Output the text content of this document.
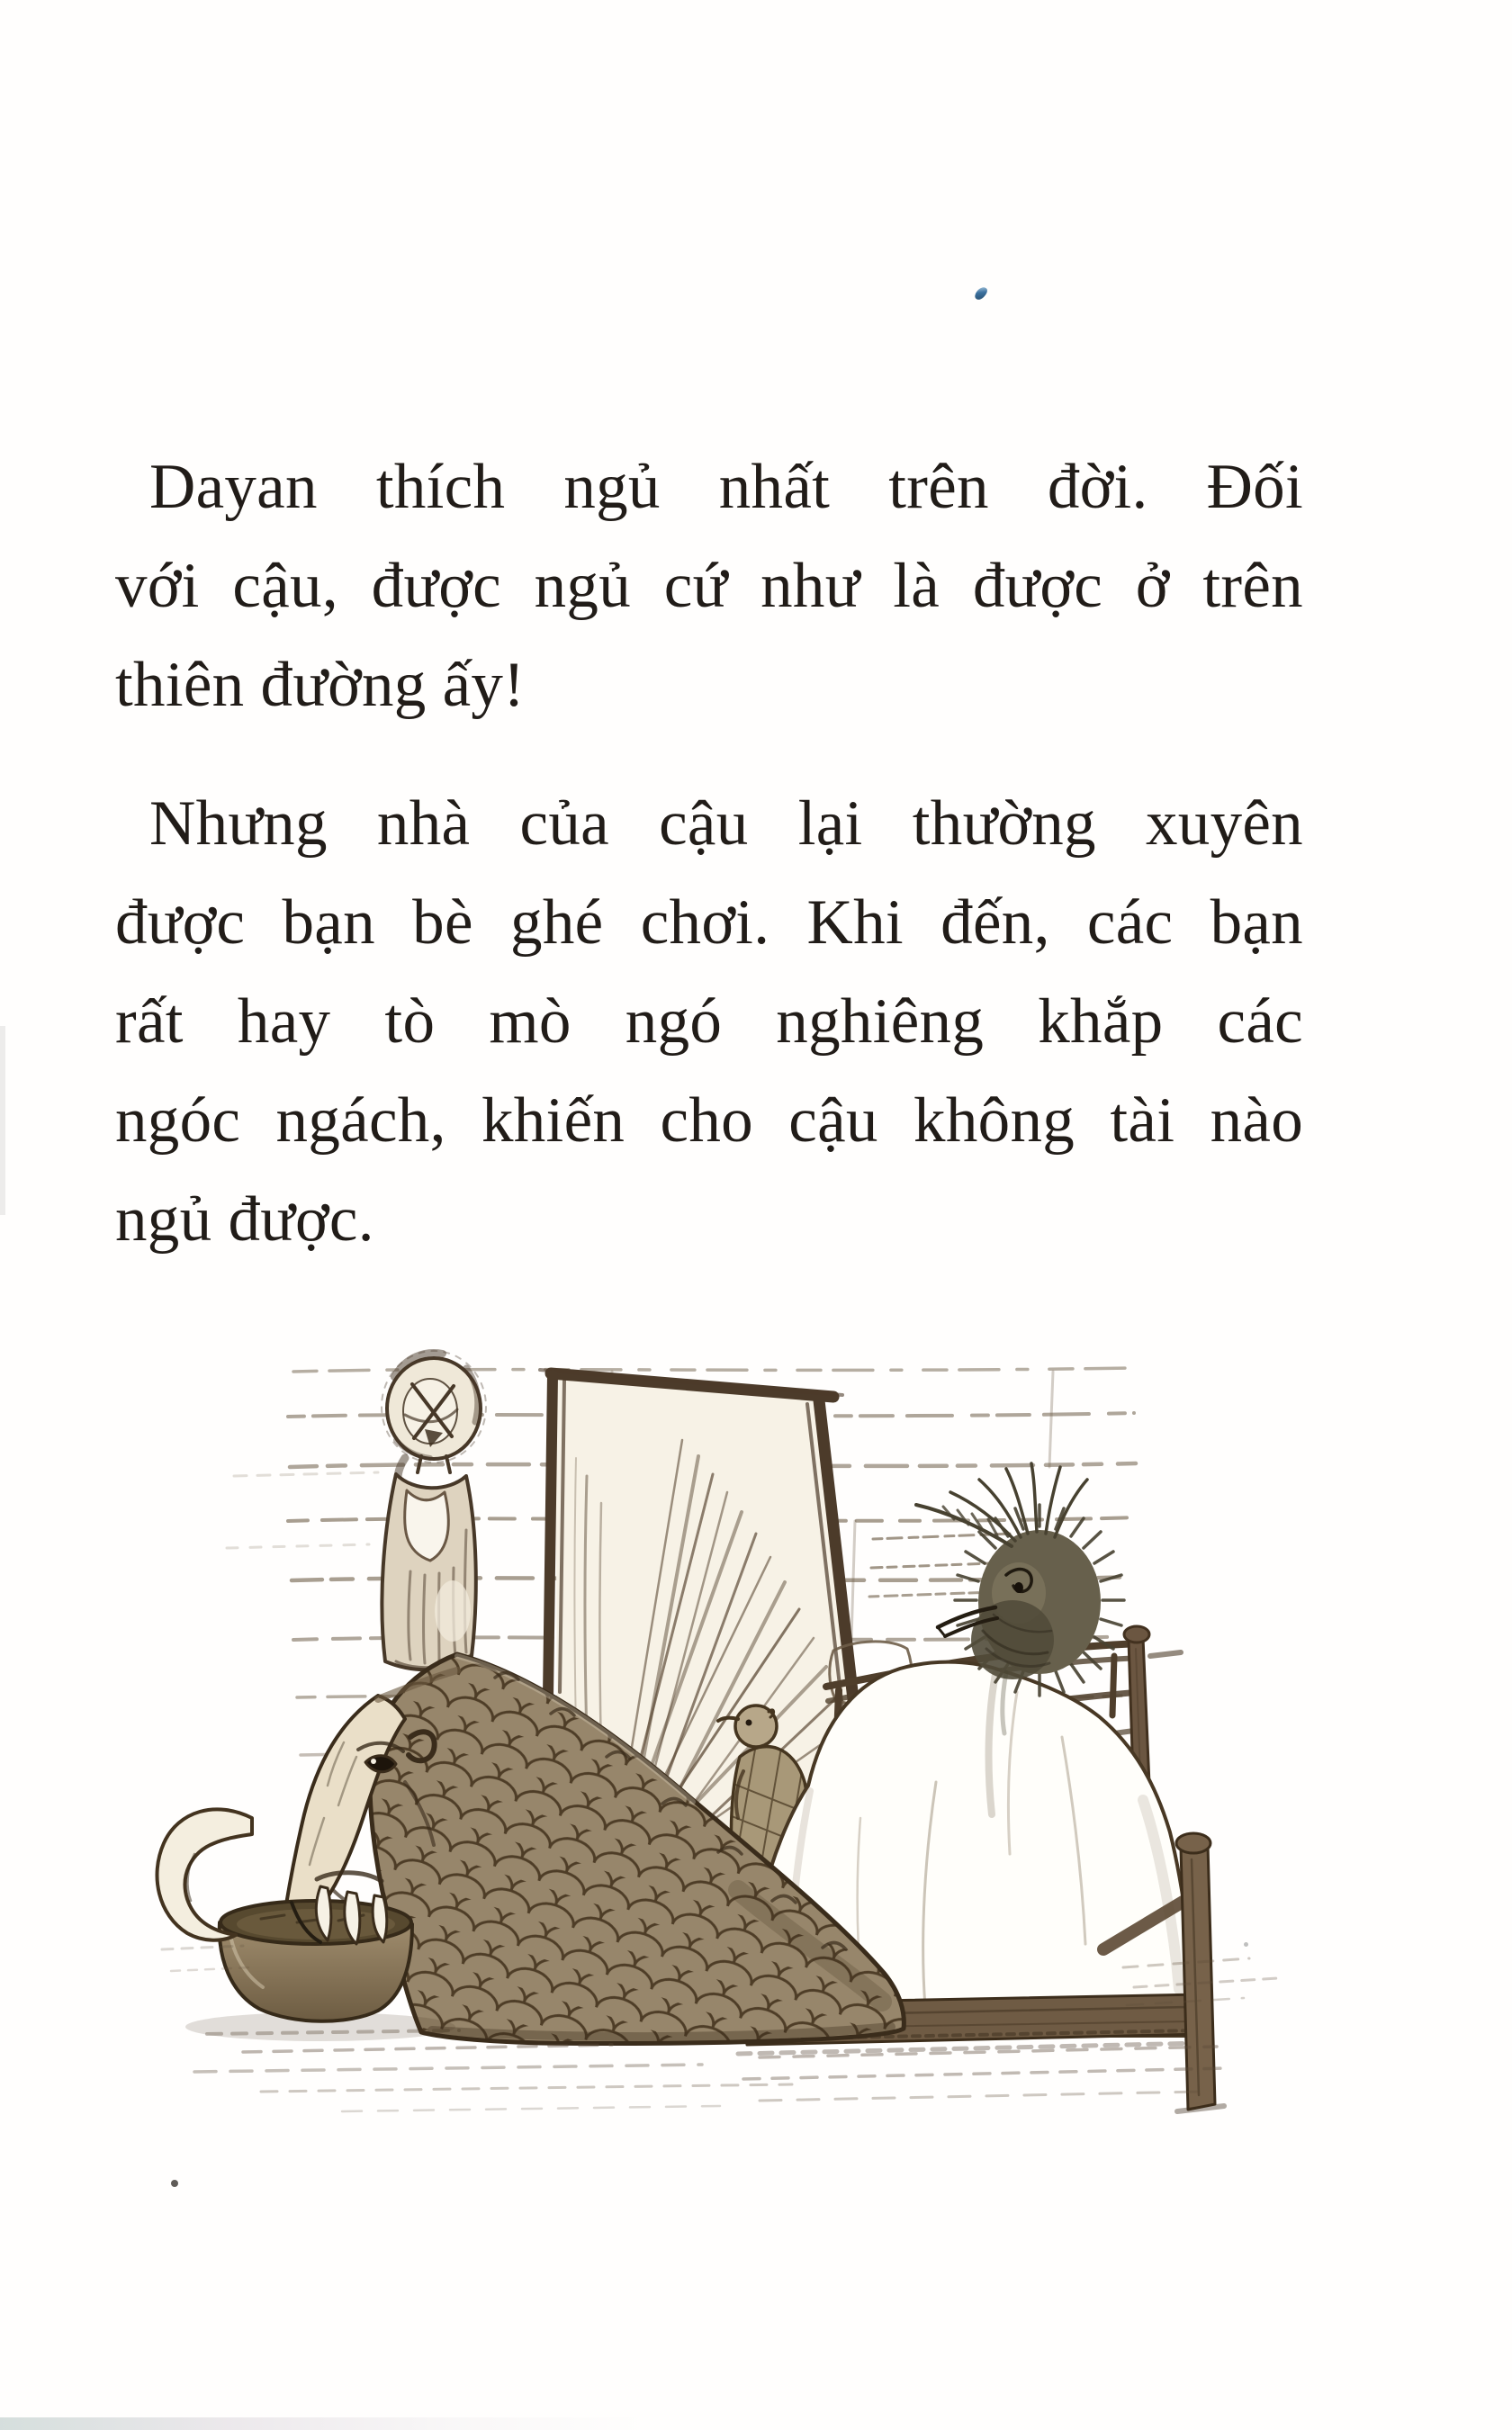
Dayan thích ngủ nhất trên đời. Đối
với cậu, được ngủ cứ như là được ở trên
thiên đường ấy!
Nhưng nhà của cậu lại thường xuyên
được bạn bè ghé chơi. Khi đến, các bạn
rất hay tò mò ngó nghiêng khắp các
ngóc ngách, khiến cho cậu không tài nào
ngủ được.
